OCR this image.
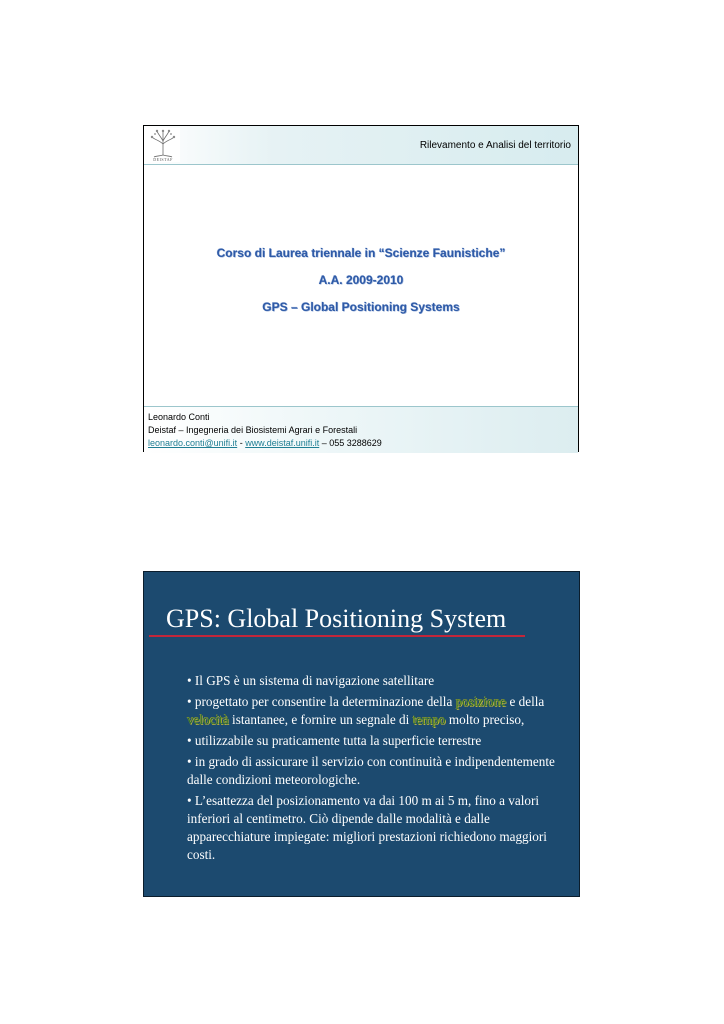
DEISTAF
Rilevamento e Analisi del territorio
Corso di Laurea triennale in “Scienze Faunistiche”
A.A. 2009-2010
GPS – Global Positioning Systems
Leonardo Conti
Deistaf – Ingegneria dei Biosistemi Agrari e Forestali
leonardo.conti@unifi.it - www.deistaf.unifi.it – 055 3288629
GPS: Global Positioning System

• Il GPS è un sistema di navigazione satellitare

• progettato per consentire la determinazione della posizione e della velocità istantanee, e fornire un segnale di tempo molto preciso,

• utilizzabile su praticamente tutta la superficie terrestre

• in grado di assicurare il servizio con continuità e indipendentemente dalle condizioni meteorologiche.

• L’esattezza del posizionamento va dai 100 m ai 5 m, fino a valori inferiori al centimetro. Ciò dipende dalle modalità e dalle apparecchiature impiegate: migliori prestazioni richiedono maggiori costi.
